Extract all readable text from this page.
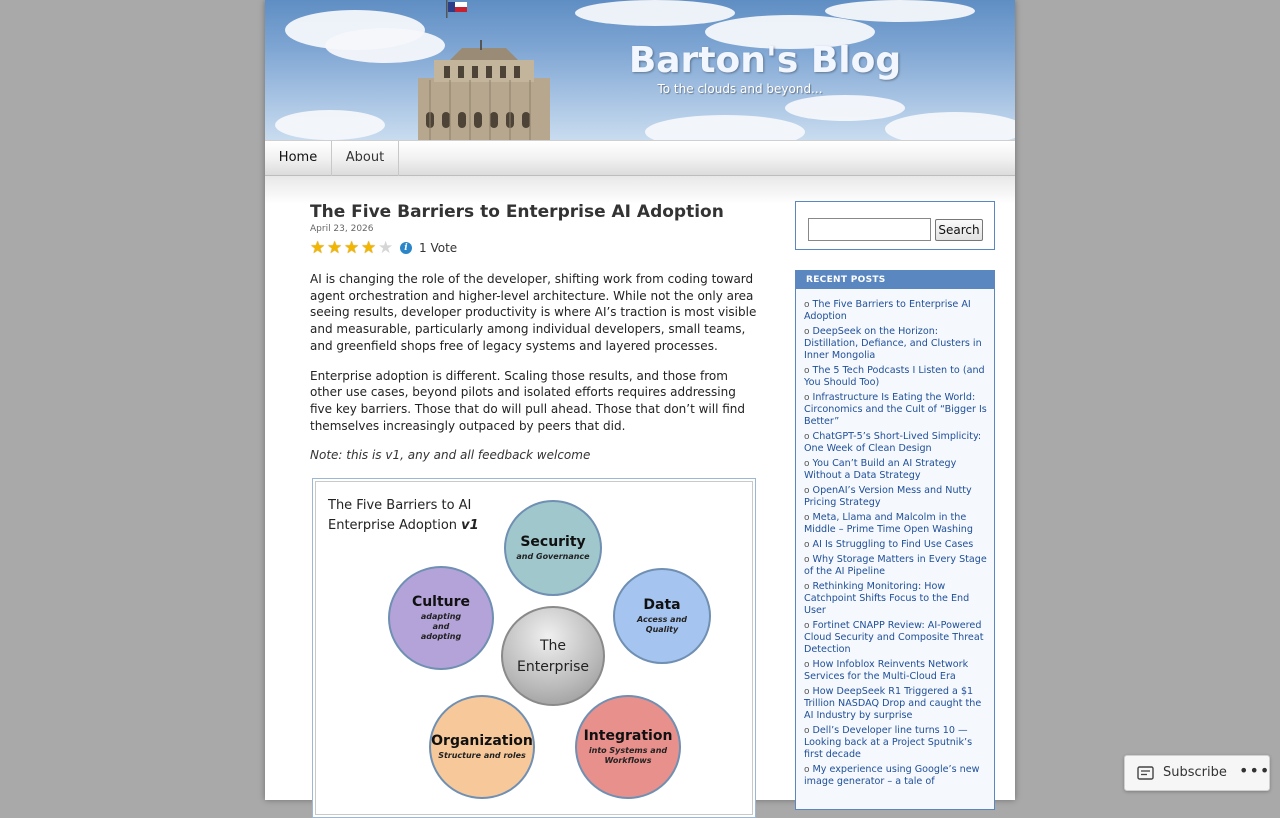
Barton's Blog
To the clouds and beyond...
Home	About
The Five Barriers to Enterprise AI Adoption
April 23, 2026
★ ★ ★ ★ ★	i 1 Vote

AI is changing the role of the developer, shifting work from coding toward agent orchestration and higher-level architecture. While not the only area seeing results, developer productivity is where AI’s traction is most visible and measurable, particularly among individual developers, small teams, and greenfield shops free of legacy systems and layered processes.

Enterprise adoption is different. Scaling those results, and those from other use cases, beyond pilots and isolated efforts requires addressing five key barriers. Those that do will pull ahead. Those that don’t will find themselves increasingly outpaced by peers that did.

Note: this is v1, any and all feedback welcome

The Five Barriers to AI
Enterprise Adoption v1
Security
and Governance
Data
Access and Quality
Integration
into Systems and Workflows
Organization
Structure and roles
Culture
adapting and adopting
The
Enterprise
Search
RECENT POSTS
o The Five Barriers to Enterprise AI Adoption
o DeepSeek on the Horizon: Distillation, Defiance, and Clusters in Inner Mongolia
o The 5 Tech Podcasts I Listen to (and You Should Too)
o Infrastructure Is Eating the World: Circonomics and the Cult of “Bigger Is Better”
o ChatGPT-5’s Short-Lived Simplicity: One Week of Clean Design
o You Can’t Build an AI Strategy Without a Data Strategy
o OpenAI’s Version Mess and Nutty Pricing Strategy
o Meta, Llama and Malcolm in the Middle – Prime Time Open Washing
o AI Is Struggling to Find Use Cases
o Why Storage Matters in Every Stage of the AI Pipeline
o Rethinking Monitoring: How Catchpoint Shifts Focus to the End User
o Fortinet CNAPP Review: AI-Powered Cloud Security and Composite Threat Detection
o How Infoblox Reinvents Network Services for the Multi-Cloud Era
o How DeepSeek R1 Triggered a $1 Trillion NASDAQ Drop and caught the AI Industry by surprise
o Dell’s Developer line turns 10 — Looking back at a Project Sputnik’s first decade
o My experience using Google’s new image generator – a tale of
Subscribe •••
